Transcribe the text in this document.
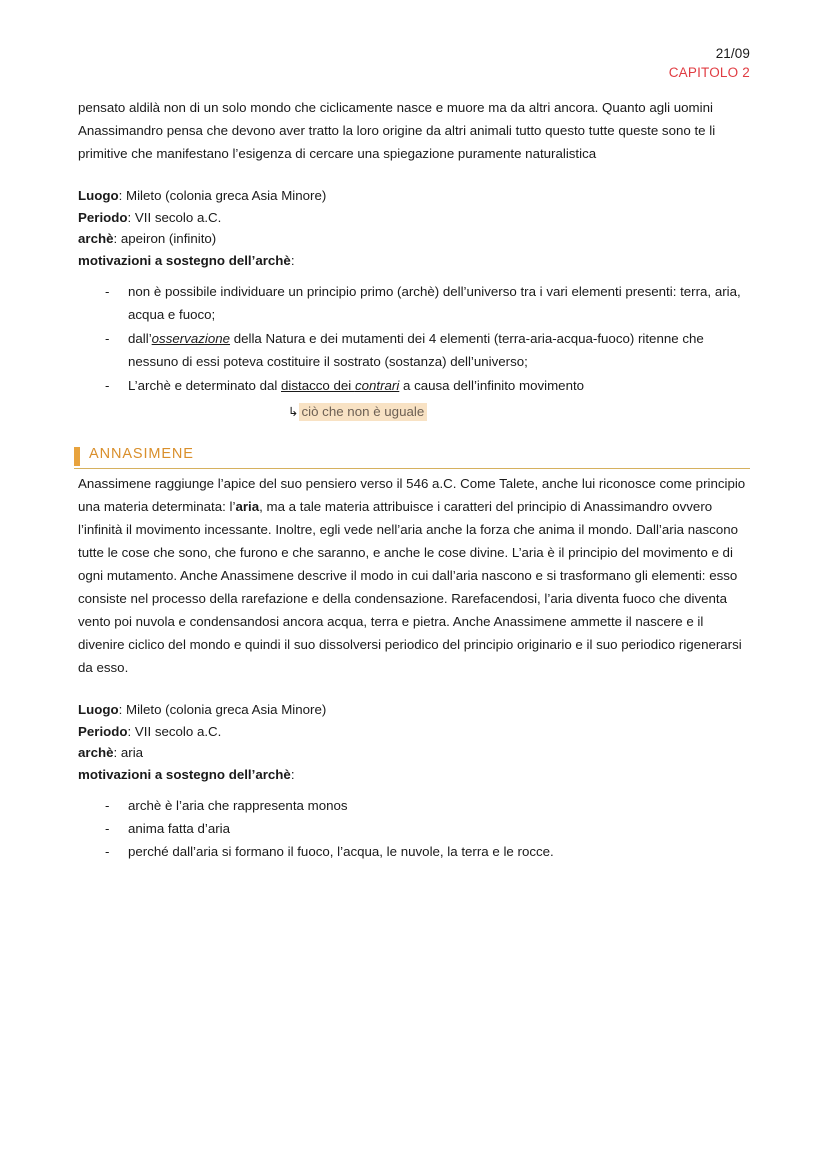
21/09
CAPITOLO 2

pensato aldilà non di un solo mondo che ciclicamente nasce e muore ma da altri ancora. Quanto agli uomini Anassimandro pensa che devono aver tratto la loro origine da altri animali tutto questo tutte queste sono te li primitive che manifestano l’esigenza di cercare una spiegazione puramente naturalistica

Luogo: Mileto (colonia greca Asia Minore)
Periodo: VII secolo a.C.
archè: apeiron (infinito)
motivazioni a sostegno dell’archè:
- non è possibile individuare un principio primo (archè) dell’universo tra i vari elementi presenti: terra, aria, acqua e fuoco;
- dall’osservazione della Natura e dei mutamenti dei 4 elementi (terra-aria-acqua-fuoco) ritenne che nessuno di essi poteva costituire il sostrato (sostanza) dell’universo;
- L’archè e determinato dal distacco dei contrari a causa dell’infinito movimento
↳ ciò che non è uguale
ANNASIMENE

Anassimene raggiunge l’apice del suo pensiero verso il 546 a.C. Come Talete, anche lui riconosce come principio una materia determinata: l’aria, ma a tale materia attribuisce i caratteri del principio di Anassimandro ovvero l’infinità il movimento incessante. Inoltre, egli vede nell’aria anche la forza che anima il mondo. Dall’aria nascono tutte le cose che sono, che furono e che saranno, e anche le cose divine. L’aria è il principio del movimento e di ogni mutamento. Anche Anassimene descrive il modo in cui dall’aria nascono e si trasformano gli elementi: esso consiste nel processo della rarefazione e della condensazione. Rarefacendosi, l’aria diventa fuoco che diventa vento poi nuvola e condensandosi ancora acqua, terra e pietra. Anche Anassimene ammette il nascere e il divenire ciclico del mondo e quindi il suo dissolversi periodico del principio originario e il suo periodico rigenerarsi da esso.

Luogo: Mileto (colonia greca Asia Minore)
Periodo: VII secolo a.C.
archè: aria
motivazioni a sostegno dell’archè:
- archè è l’aria che rappresenta monos
- anima fatta d’aria
- perché dall’aria si formano il fuoco, l’acqua, le nuvole, la terra e le rocce.
